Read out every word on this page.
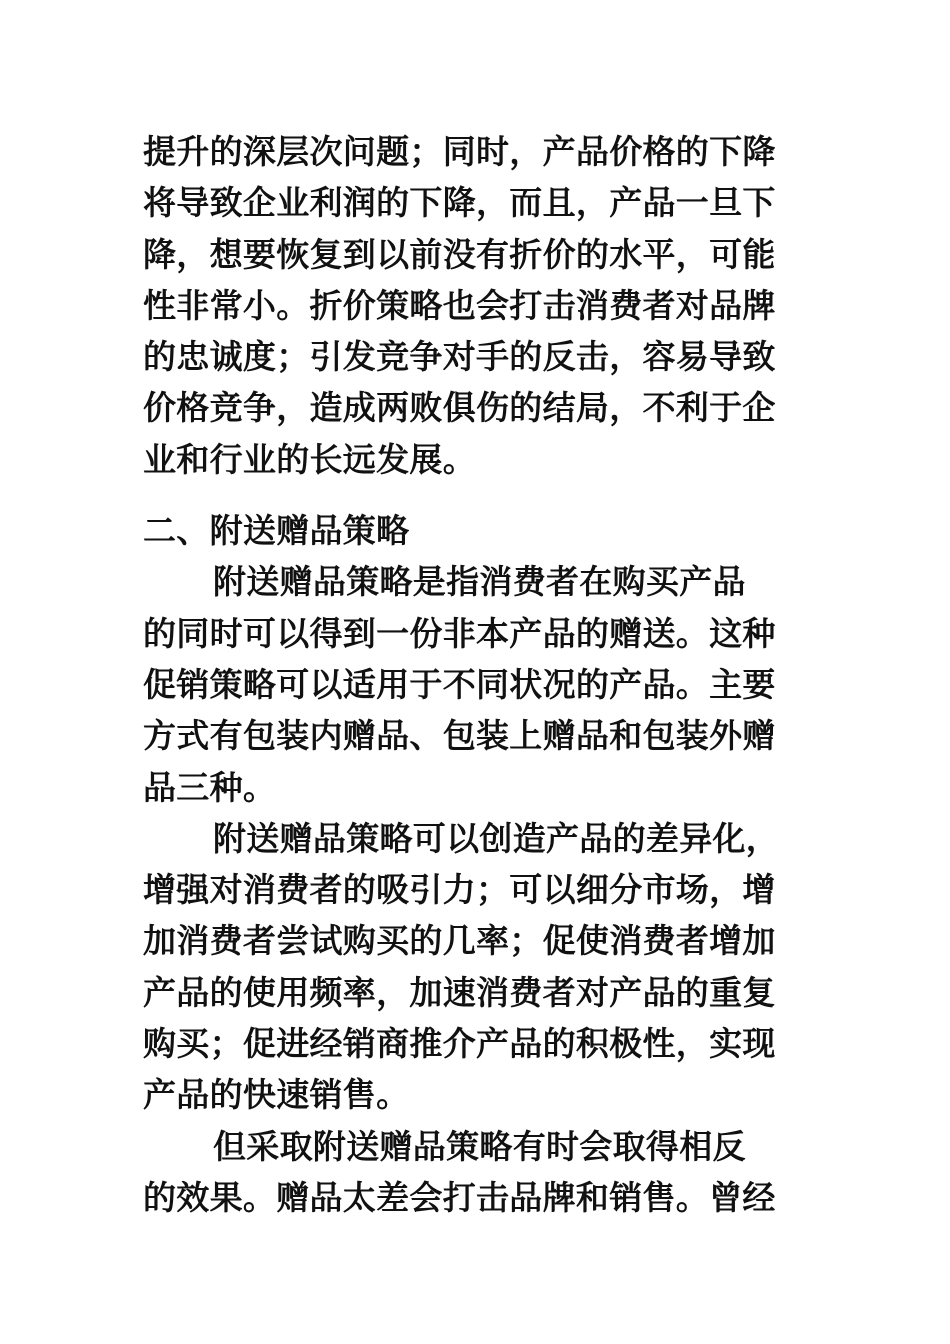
提升的深层次问题；同时，产品价格的下降
将导致企业利润的下降，而且，产品一旦下
降，想要恢复到以前没有折价的水平，可能
性非常小。折价策略也会打击消费者对品牌
的忠诚度；引发竞争对手的反击，容易导致
价格竞争，造成两败俱伤的结局，不利于企
业和行业的长远发展。
二、附送赠品策略
附送赠品策略是指消费者在购买产品
的同时可以得到一份非本产品的赠送。这种
促销策略可以适用于不同状况的产品。主要
方式有包装内赠品、包装上赠品和包装外赠
品三种。
附送赠品策略可以创造产品的差异化，
增强对消费者的吸引力；可以细分市场，增
加消费者尝试购买的几率；促使消费者增加
产品的使用频率，加速消费者对产品的重复
购买；促进经销商推介产品的积极性，实现
产品的快速销售。
但采取附送赠品策略有时会取得相反
的效果。赠品太差会打击品牌和销售。曾经
